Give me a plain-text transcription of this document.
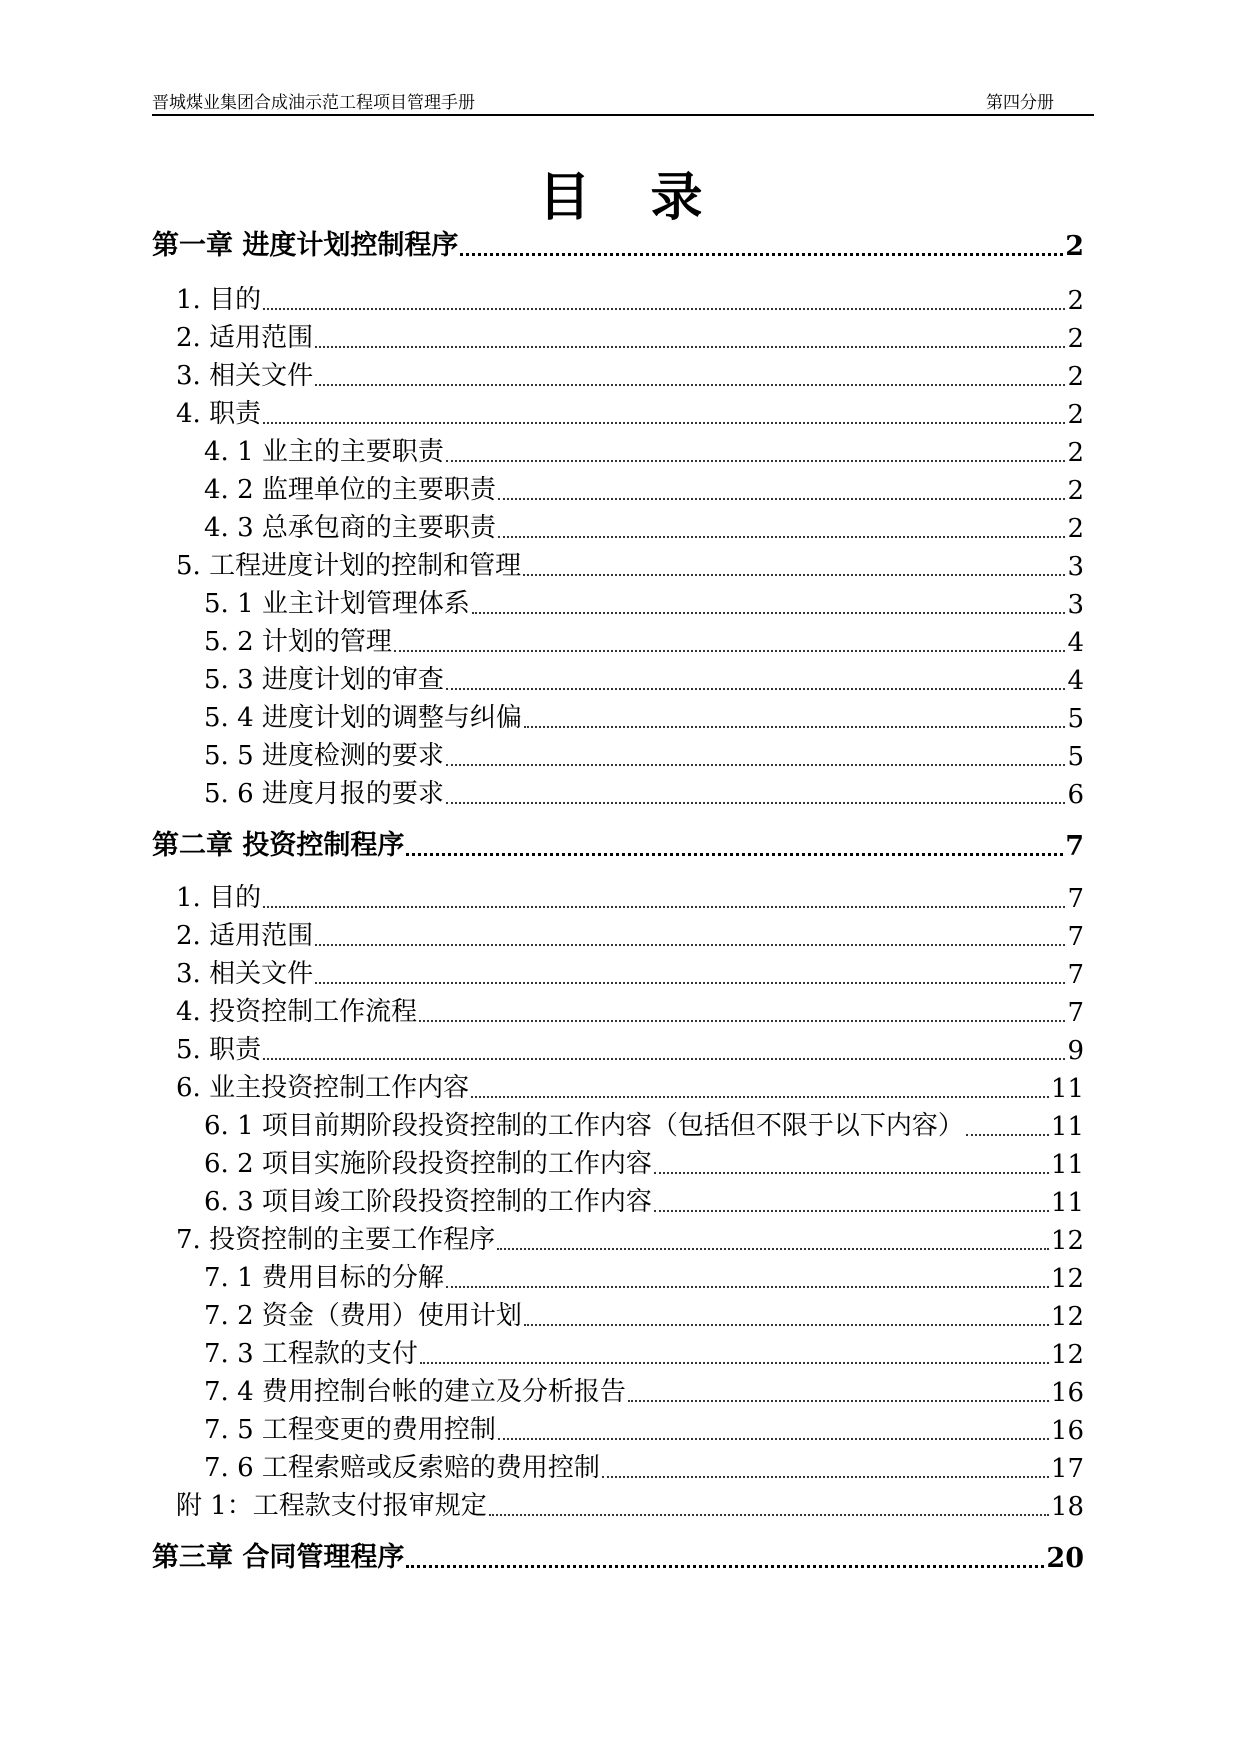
晋城煤业集团合成油示范工程项目管理手册	第四分册
目录
第一章 进度计划控制程序	2
1. 目的	2
2. 适用范围	2
3. 相关文件	2
4. 职责	2
4. 1 业主的主要职责	2
4. 2 监理单位的主要职责	2
4. 3 总承包商的主要职责	2
5. 工程进度计划的控制和管理	3
5. 1 业主计划管理体系	3
5. 2 计划的管理	4
5. 3 进度计划的审查	4
5. 4 进度计划的调整与纠偏	5
5. 5 进度检测的要求	5
5. 6 进度月报的要求	6
第二章 投资控制程序	7
1. 目的	7
2. 适用范围	7
3. 相关文件	7
4. 投资控制工作流程	7
5. 职责	9
6. 业主投资控制工作内容	11
6. 1 项目前期阶段投资控制的工作内容（包括但不限于以下内容）	11
6. 2 项目实施阶段投资控制的工作内容	11
6. 3 项目竣工阶段投资控制的工作内容	11
7. 投资控制的主要工作程序	12
7. 1 费用目标的分解	12
7. 2 资金（费用）使用计划	12
7. 3 工程款的支付	12
7. 4 费用控制台帐的建立及分析报告	16
7. 5 工程变更的费用控制	16
7. 6 工程索赔或反索赔的费用控制	17
附 1：工程款支付报审规定	18
第三章 合同管理程序	20
